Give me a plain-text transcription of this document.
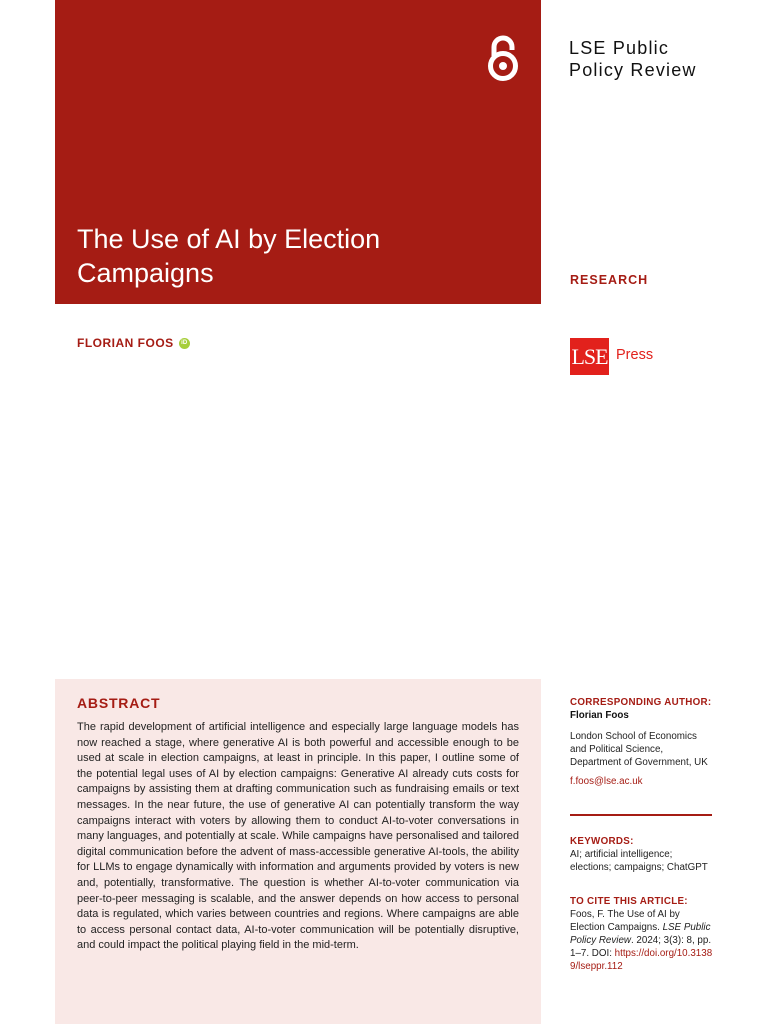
The Use of AI by Election Campaigns
LSE Public
Policy Review
RESEARCH
FLORIAN FOOS	iD
LSE Press
ABSTRACT

The rapid development of artificial intelligence and especially large language models has now reached a stage, where generative AI is both powerful and accessible enough to be used at scale in election campaigns, at least in principle. In this paper, I outline some of the potential legal uses of AI by election campaigns: Generative AI already cuts costs for campaigns by assisting them at drafting communication such as fundraising emails or text messages. In the near future, the use of generative AI can potentially transform the way campaigns interact with voters by allowing them to conduct AI-to-voter conversations in many languages, and potentially at scale. While campaigns have personalised and tailored digital communication before the advent of mass-accessible generative AI-tools, the ability for LLMs to engage dynamically with information and arguments provided by voters is new and, potentially, transformative. The question is whether AI-to-voter communication via peer-to-peer messaging is scalable, and the answer depends on how access to personal data is regulated, which varies between countries and regions. Where campaigns are able to access personal contact data, AI-to-voter communication will be potentially disruptive, and could impact the political playing field in the mid-term.

CORRESPONDING AUTHOR:
Florian Foos
London School of Economics and Political Science, Department of Government, UK
f.foos@lse.ac.uk
KEYWORDS:
AI; artificial intelligence; elections; campaigns; ChatGPT
TO CITE THIS ARTICLE:
Foos, F. The Use of AI by Election Campaigns. LSE Public Policy Review. 2024; 3(3): 8, pp. 1–7. DOI: https://doi.org/10.31389/lseppr.112
